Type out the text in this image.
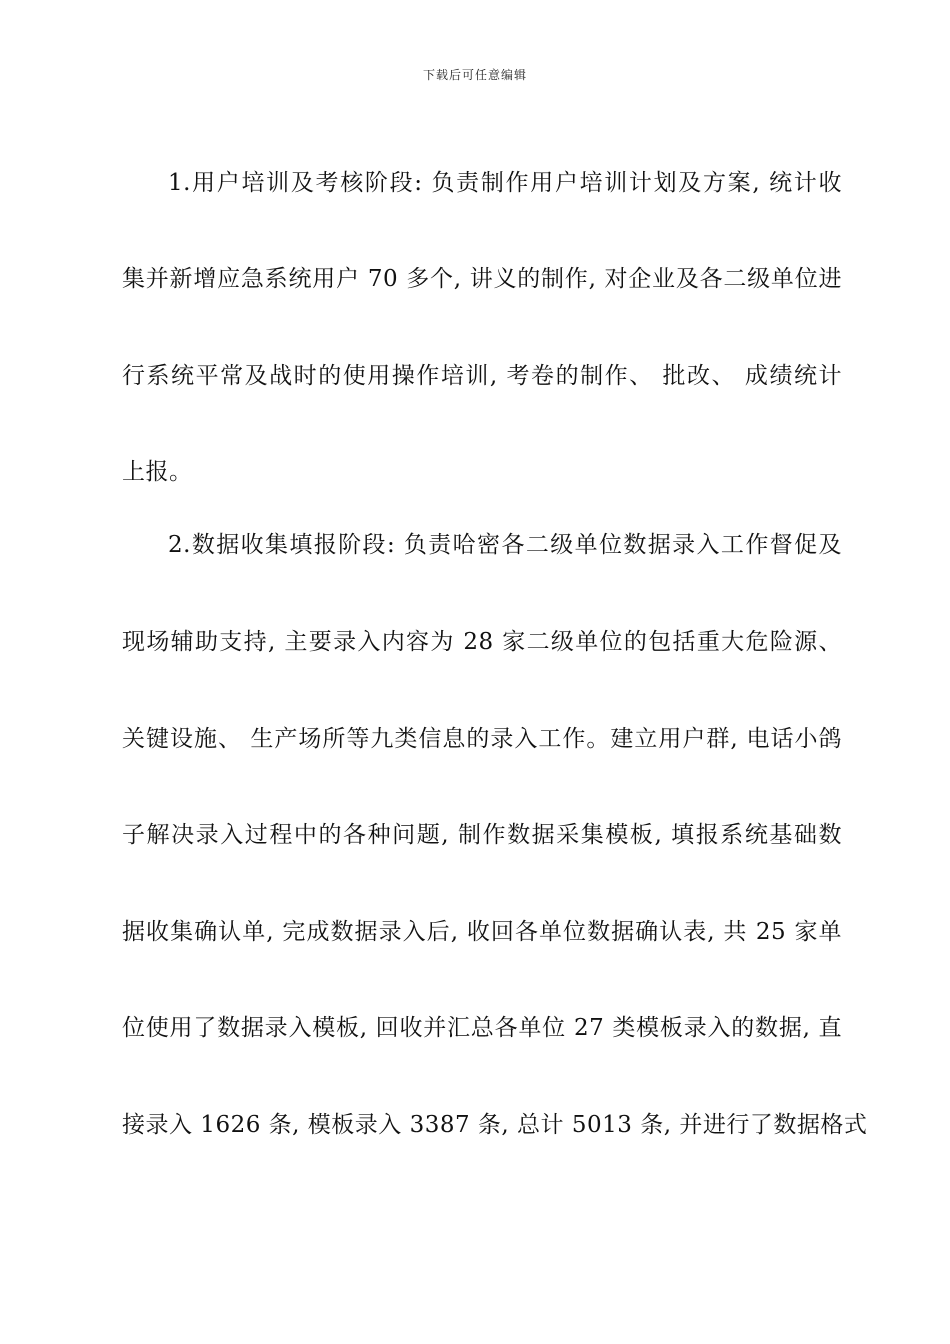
下载后可任意编辑
1.用户培训及考核阶段: 负责制作用户培训计划及方案, 统计收
集并新增应急系统用户 70 多个, 讲义的制作, 对企业及各二级单位进
行系统平常及战时的使用操作培训, 考卷的制作、 批改、 成绩统计
上报。
2.数据收集填报阶段: 负责哈密各二级单位数据录入工作督促及
现场辅助支持, 主要录入内容为 28 家二级单位的包括重大危险源、
关键设施、 生产场所等九类信息的录入工作。建立用户群, 电话小鸽
子解决录入过程中的各种问题, 制作数据采集模板, 填报系统基础数
据收集确认单, 完成数据录入后, 收回各单位数据确认表, 共 25 家单
位使用了数据录入模板, 回收并汇总各单位 27 类模板录入的数据, 直
接录入 1626 条, 模板录入 3387 条, 总计 5013 条, 并进行了数据格式
